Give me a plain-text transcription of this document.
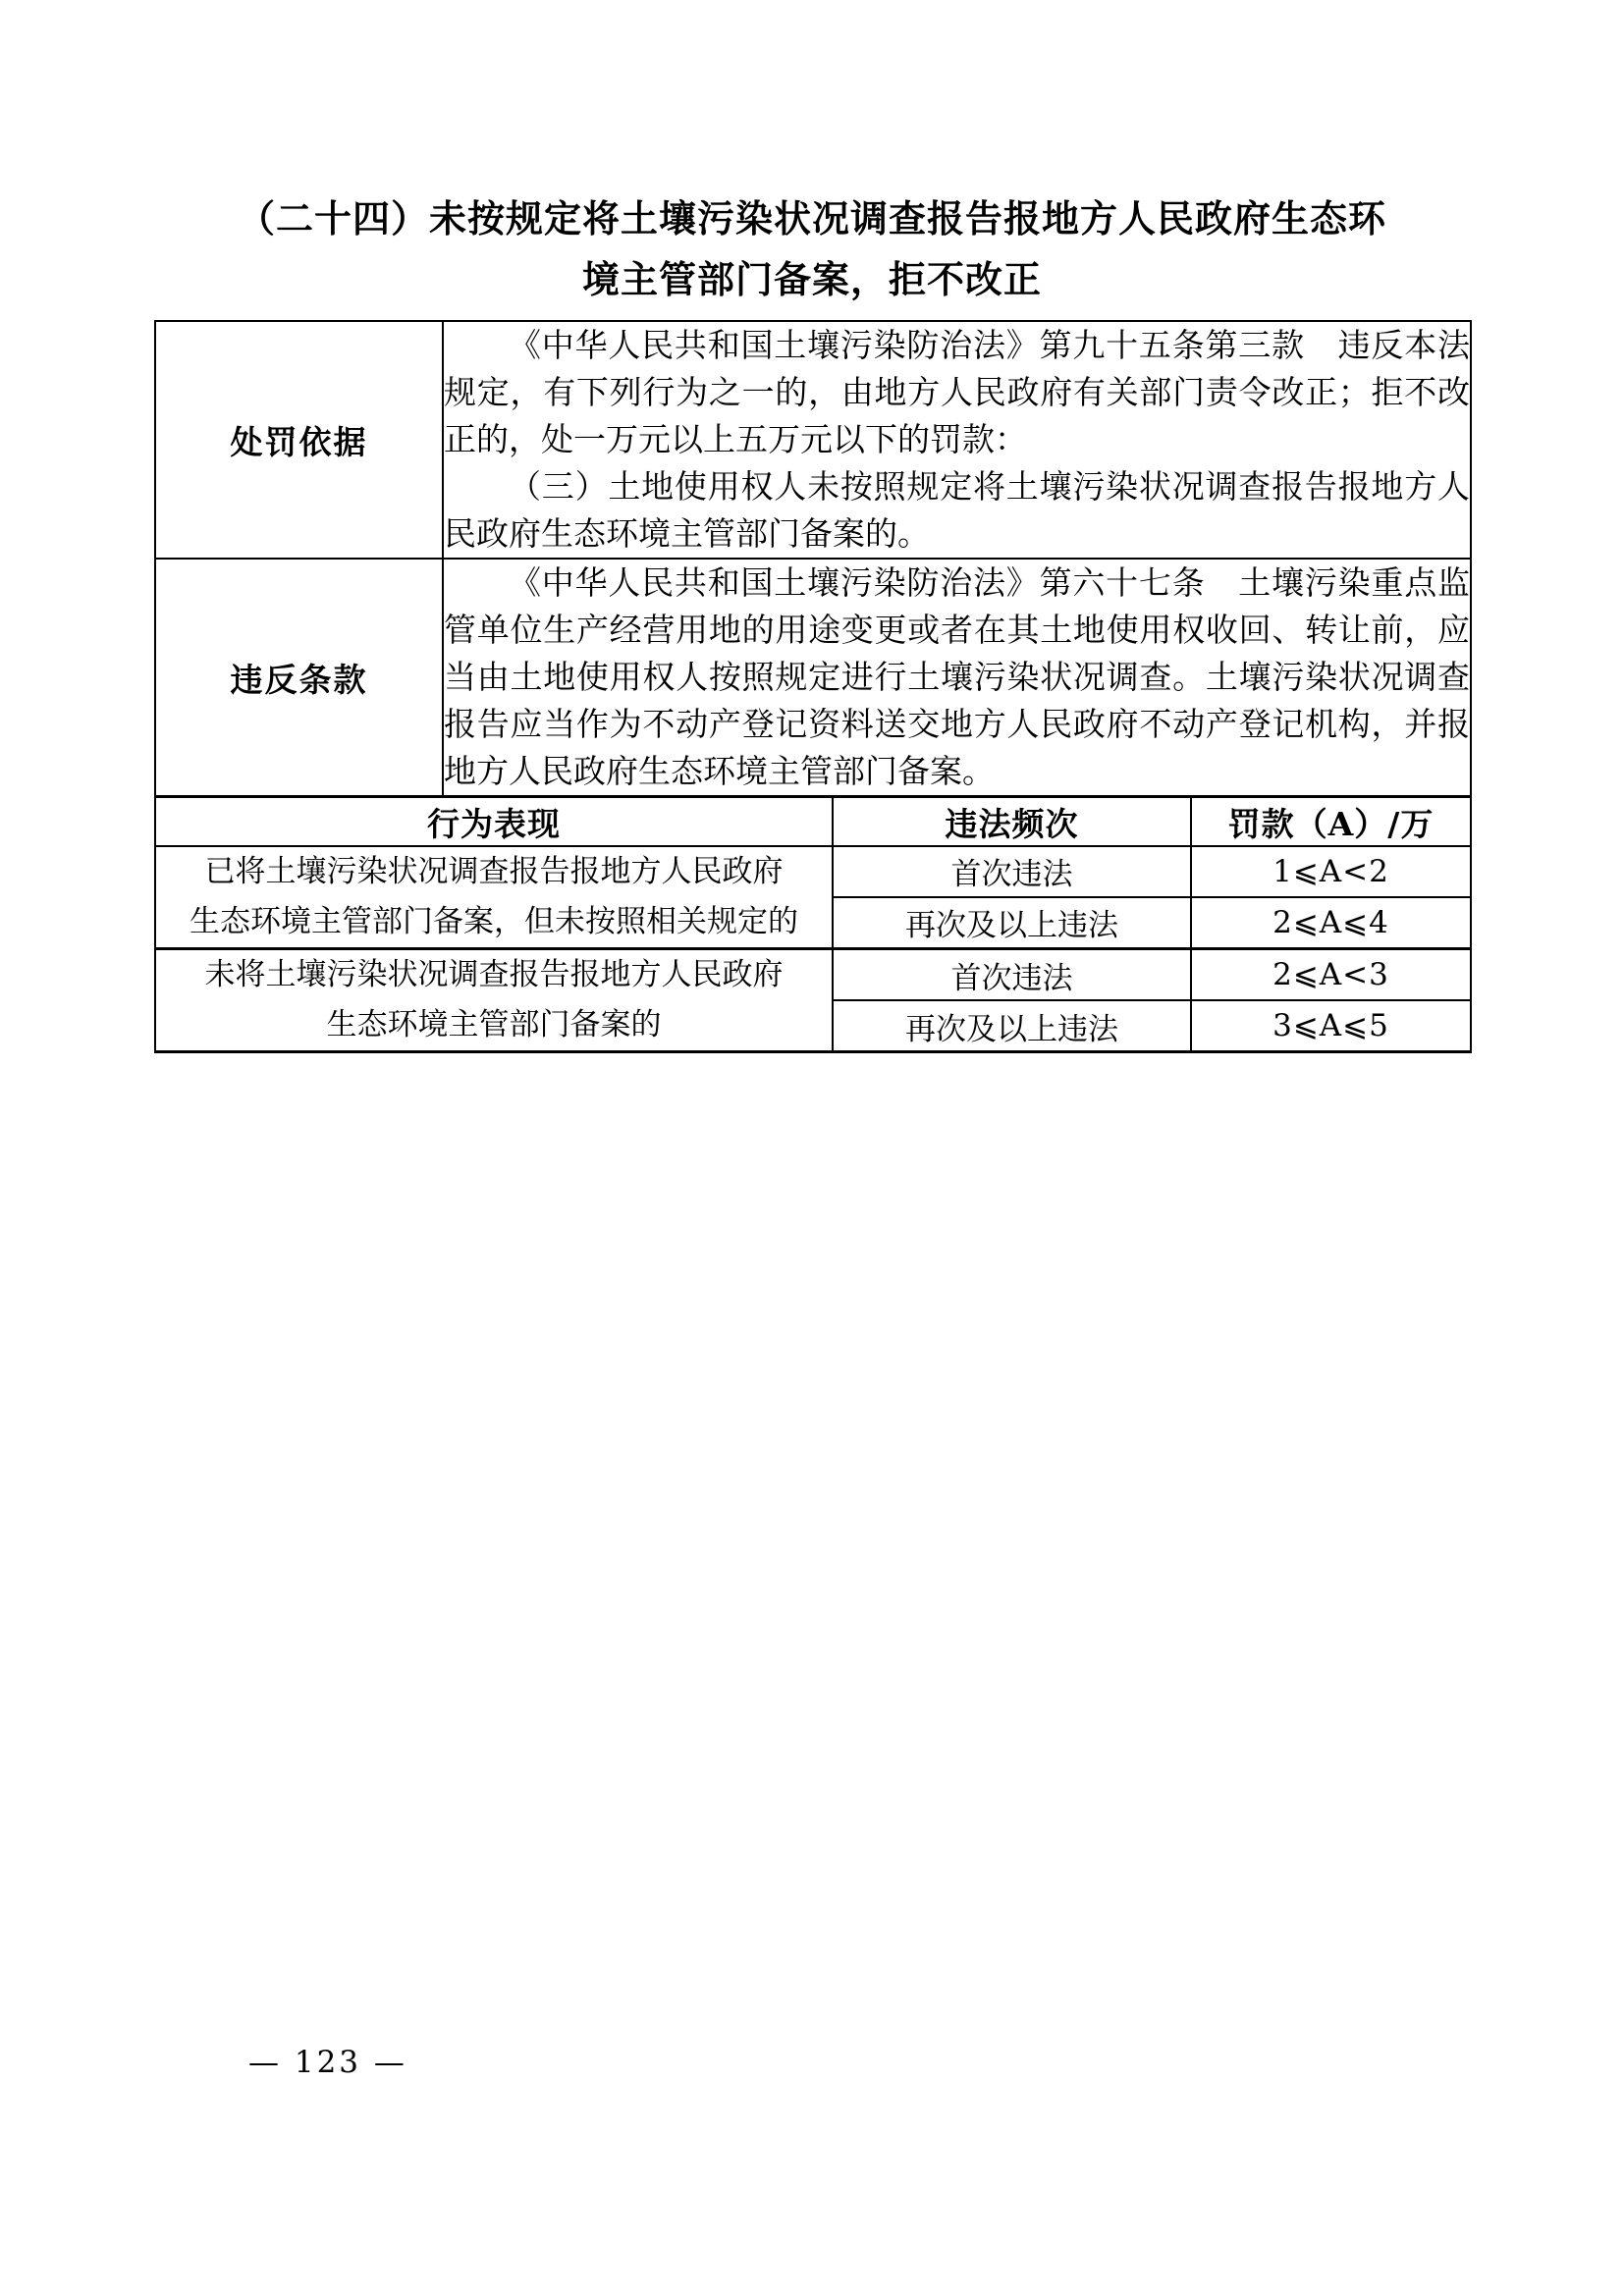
（二十四）未按规定将土壤污染状况调查报告报地方人民政府生态环
境主管部门备案，拒不改正
处罚依据	《中华人民共和国土壤污染防治法》第九十五条第三款　违反本法
规定，有下列行为之一的，由地方人民政府有关部门责令改正；拒不改
正的，处一万元以上五万元以下的罚款：
（三）土地使用权人未按照规定将土壤污染状况调查报告报地方人
民政府生态环境主管部门备案的。

违反条款	《中华人民共和国土壤污染防治法》第六十七条　土壤污染重点监
管单位生产经营用地的用途变更或者在其土地使用权收回、转让前，应
当由土地使用权人按照规定进行土壤污染状况调查。土壤污染状况调查
报告应当作为不动产登记资料送交地方人民政府不动产登记机构，并报
地方人民政府生态环境主管部门备案。
行为表现	违法频次	罚款（A）/万

已将土壤污染状况调查报告报地方人民政府
生态环境主管部门备案，但未按照相关规定的	首次违法	1⩽A<2
	再次及以上违法	2⩽A⩽4

未将土壤污染状况调查报告报地方人民政府
生态环境主管部门备案的	首次违法	2⩽A<3
	再次及以上违法	3⩽A⩽5
— 123 —
